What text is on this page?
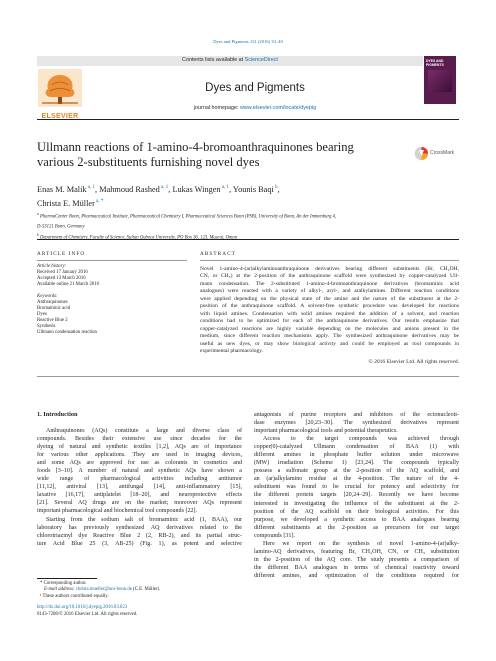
Dyes and Pigments 131 (2016) 33–40
Contents lists available at ScienceDirect
ELSEVIER
Dyes and Pigments
journal homepage: www.elsevier.com/locate/dyepig
DYES AND PIGMENTS
Ullmann reactions of 1-amino-4-bromoanthraquinones bearing
various 2-substituents furnishing novel dyes
CrossMark
Enas M. Malik $^{a, 1}$, Mahmoud Rashed $^{a, 1}$, Lukas Wingen $^{a, 1}$, Younis Baqi $^b$,
Christa E. Müller $^{a, *}$
$^a$ PharmaCenter Bonn, Pharmaceutical Institute, Pharmaceutical Chemistry I, Pharmaceutical Sciences Bonn (PSB), University of Bonn, An der Immenburg 4,
D-53121 Bonn, Germany
$^b$ Department of Chemistry, Faculty of Science, Sultan Qaboos University, PO Box 36, 123, Muscat, Oman
ARTICLE INFO	ABSTRACT
Article history:
Received 17 January 2016
Accepted 13 March 2016
Available online 21 March 2016
Keywords:
Anthraquinones
Bromaminic acid
Dyes
Reactive Blue 2
Synthesis
Ullmann condensation reaction
Novel 1-amino-4-(ar)alkylaminoanthraquinone derivatives bearing different substituents (Br, CH₂OH,
CN, or CH₃) at the 2-position of the anthraquinone scaffold were synthesized by copper-catalyzed Ull-
mann condensation. The 2-substituted 1-amino-4-bromoanthraquinone derivatives (bromaminic acid
analogues) were reacted with a variety of alkyl-, aryl-, and aralkylamines. Different reaction conditions
were applied depending on the physical state of the amine and the nature of the substituent at the 2-
position of the anthraquinone scaffold. A solvent-free synthetic procedure was developed for reactions
with liquid amines. Condensation with solid amines required the addition of a solvent, and reaction
conditions had to be optimized for each of the anthraquinone derivatives. Our results emphasize that
copper-catalyzed reactions are highly variable depending on the molecules and anions present in the
medium, since different reaction mechanisms apply. The synthesized anthraquinone derivatives may be
useful as new dyes, or may show biological activity and could be employed as tool compounds in
experimental pharmacology.
© 2016 Elsevier Ltd. All rights reserved.
1. Introduction
Anthraquinones (AQs) constitute a large and diverse class of
compounds. Besides their extensive use since decades for the
dyeing of natural and synthetic textiles [1,2], AQs are of importance
for various other applications. They are used in imaging devices,
and some AQs are approved for use as colorants in cosmetics and
foods [3–10]. A number of natural and synthetic AQs have shown a
wide range of pharmacological activities including antitumor
[11,12], antiviral [13], antifungal [14], anti-inflammatory [15],
laxative [16,17], antiplatelet [18–20], and neuroprotective effects
[21]. Several AQ drugs are on the market; moreover AQs represent
important pharmacological and biochemical tool compounds [22].
Starting from the sodium salt of bromaminic acid (1, BAA), our
laboratory has previously synthesized AQ derivatives related to the
chlorotriazinyl dye Reactive Blue 2 (2, RB-2), and its partial struc-
ture Acid Blue 25 (3, AB-25) (Fig. 1), as potent and selective
antagonists of purine receptors and inhibitors of the ectonucleoti-
dase enzymes [20,23–30]. The synthesized derivatives represent
important pharmacological tools and potential therapeutics.
Access to the target compounds was achieved through
copper(0)-catalyzed Ullmann condensation of BAA (1) with
different amines in phosphate buffer solution under microwave
(MW) irradiation (Scheme 1) [23,24]. The compounds typically
possess a sulfonate group at the 2-position of the AQ scaffold, and
an (ar)alkylamino residue at the 4-position. The nature of the 4-
substituent was found to be crucial for potency and selectivity for
the different protein targets [20,24–29]. Recently we have become
interested in investigating the influence of the substituent at the 2-
position of the AQ scaffold on their biological activities. For this
purpose, we developed a synthetic access to BAA analogues bearing
different substituents at the 2-position as precursors for our target
compounds [31].
Here we report on the synthesis of novel 1-amino-4-(ar)alky-
lamino-AQ derivatives, featuring Br, CH₂OH, CN, or CH₃ substitution
in the 2-position of the AQ core. The study presents a comparison of
the different BAA analogues in terms of chemical reactivity toward
different amines, and optimization of the conditions required for
* Corresponding author.
E-mail address: christa.mueller@uni-bonn.de (C.E. Müller).
¹ These authors contributed equally.
http://dx.doi.org/10.1016/j.dyepig.2016.03.023
0143-7208/© 2016 Elsevier Ltd. All rights reserved.
